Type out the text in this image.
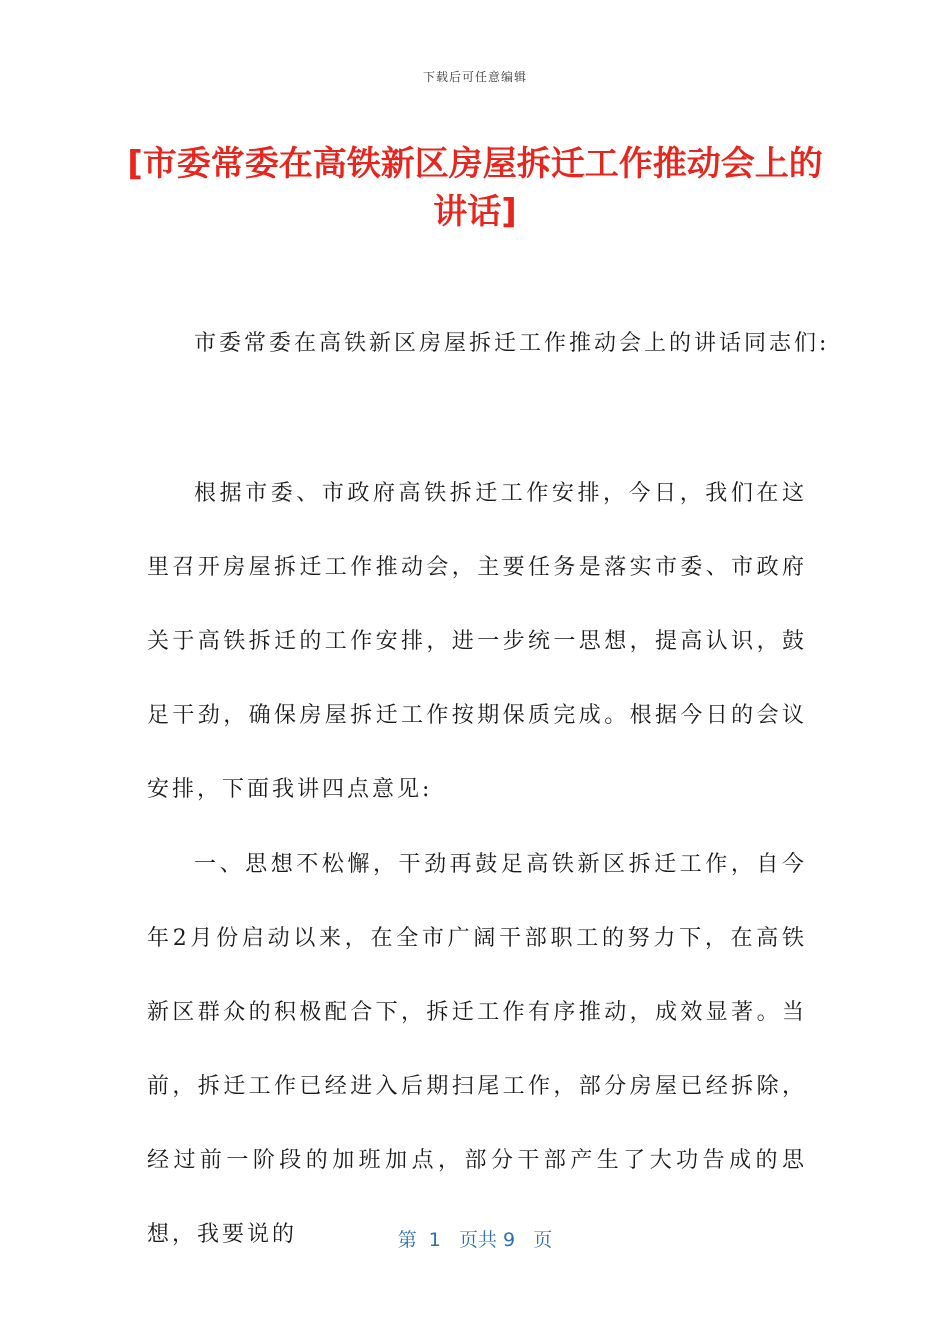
下载后可任意编辑
[市委常委在高铁新区房屋拆迁工作推动会上的讲话]
市委常委在高铁新区房屋拆迁工作推动会上的讲话同志们:

根据市委、市政府高铁拆迁工作安排，今日，我们在这里召开房屋拆迁工作推动会，主要任务是落实市委、市政府关于高铁拆迁的工作安排，进一步统一思想，提高认识，鼓足干劲，确保房屋拆迁工作按期保质完成。根据今日的会议安排，下面我讲四点意见:

一、思想不松懈，干劲再鼓足高铁新区拆迁工作，自今年2月份启动以来，在全市广阔干部职工的努力下，在高铁新区群众的积极配合下，拆迁工作有序推动，成效显著。当前，拆迁工作已经进入后期扫尾工作，部分房屋已经拆除，经过前一阶段的加班加点，部分干部产生了大功告成的思想，我要说的	第  1   页共 9   页
